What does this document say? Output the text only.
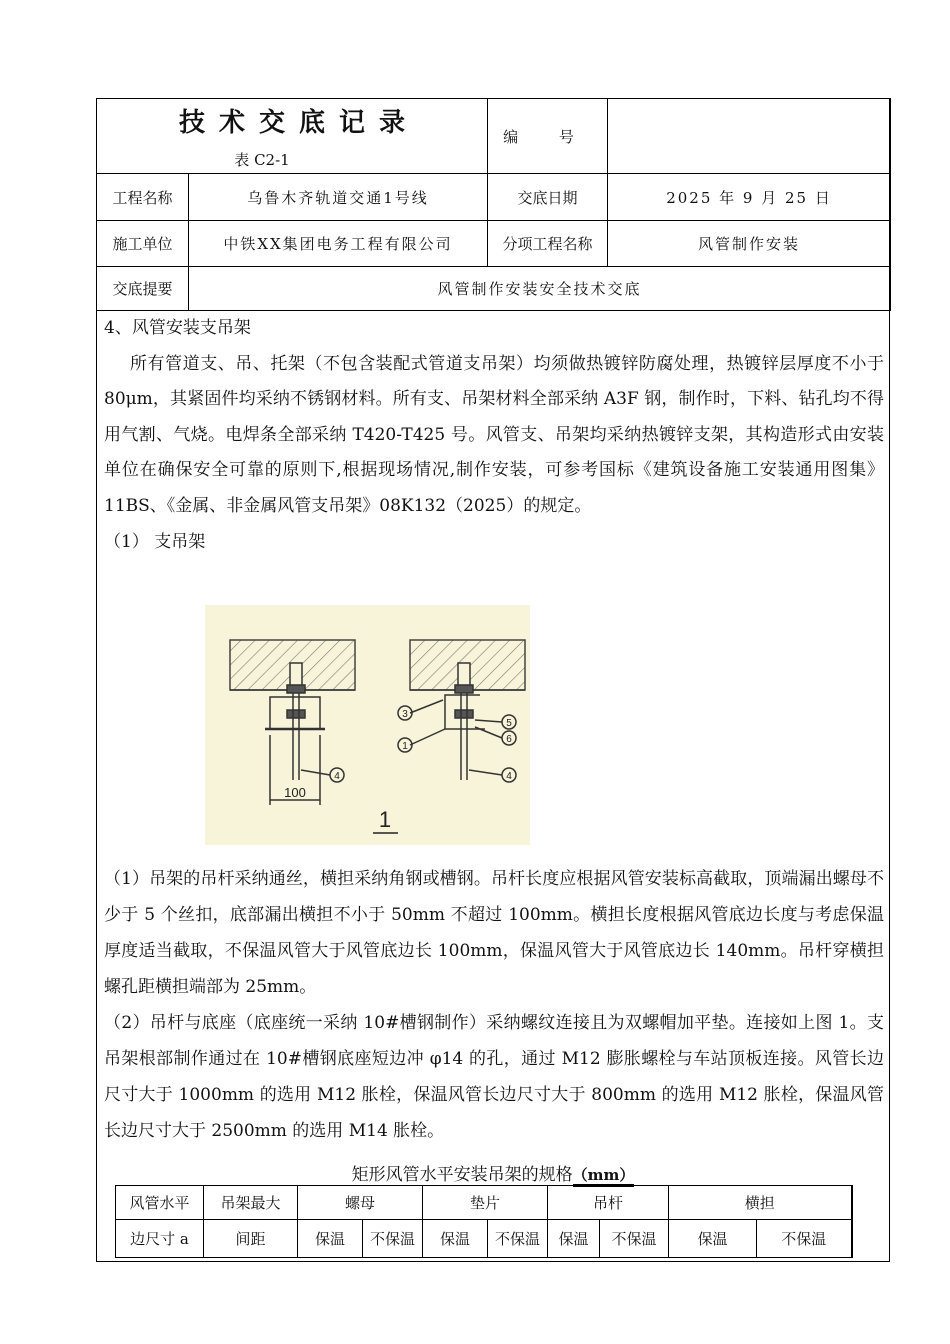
技术交底记录
表 C2-1		编 号	
工程名称	乌鲁木齐轨道交通1号线	交底日期	2025 年 9 月 25 日
施工单位	中铁XX集团电务工程有限公司	分项工程名称	风管制作安装
交底提要	风管制作安装安全技术交底		

4、风管安装支吊架

所有管道支、吊、托架（不包含装配式管道支吊架）均须做热镀锌防腐处理，热镀锌层厚度不小于 80μm，其紧固件均采纳不锈钢材料。所有支、吊架材料全部采纳 A3F 钢，制作时，下料、钻孔均不得用气割、气烧。电焊条全部采纳 T420-T425 号。风管支、吊架均采纳热镀锌支架，其构造形式由安装单位在确保安全可靠的原则下,根据现场情况,制作安装，可参考国标《建筑设备施工安装通用图集》11BS、《金属、非金属风管支吊架》08K132（2025）的规定。

（1） 支吊架

100
4
3
1
5
6
4
1

（1）吊架的吊杆采纳通丝，横担采纳角钢或槽钢。吊杆长度应根据风管安装标高截取，顶端漏出螺母不少于 5 个丝扣，底部漏出横担不小于 50mm 不超过 100mm。横担长度根据风管底边长度与考虑保温厚度适当截取，不保温风管大于风管底边长 100mm，保温风管大于风管底边长 140mm。吊杆穿横担螺孔距横担端部为 25mm。

（2）吊杆与底座（底座统一采纳 10#槽钢制作）采纳螺纹连接且为双螺帽加平垫。连接如上图 1。支吊架根部制作通过在 10#槽钢底座短边冲 φ14 的孔，通过 M12 膨胀螺栓与车站顶板连接。风管长边尺寸大于 1000mm 的选用 M12 胀栓，保温风管长边尺寸大于 800mm 的选用 M12 胀栓，保温风管长边尺寸大于 2500mm 的选用 M14 胀栓。

矩形风管水平安装吊架的规格（mm）
风管水平	吊架最大	螺母		垫片		吊杆		横担	
边尺寸 a	间距	保温	不保温	保温	不保温	保温	不保温	保温	不保温
